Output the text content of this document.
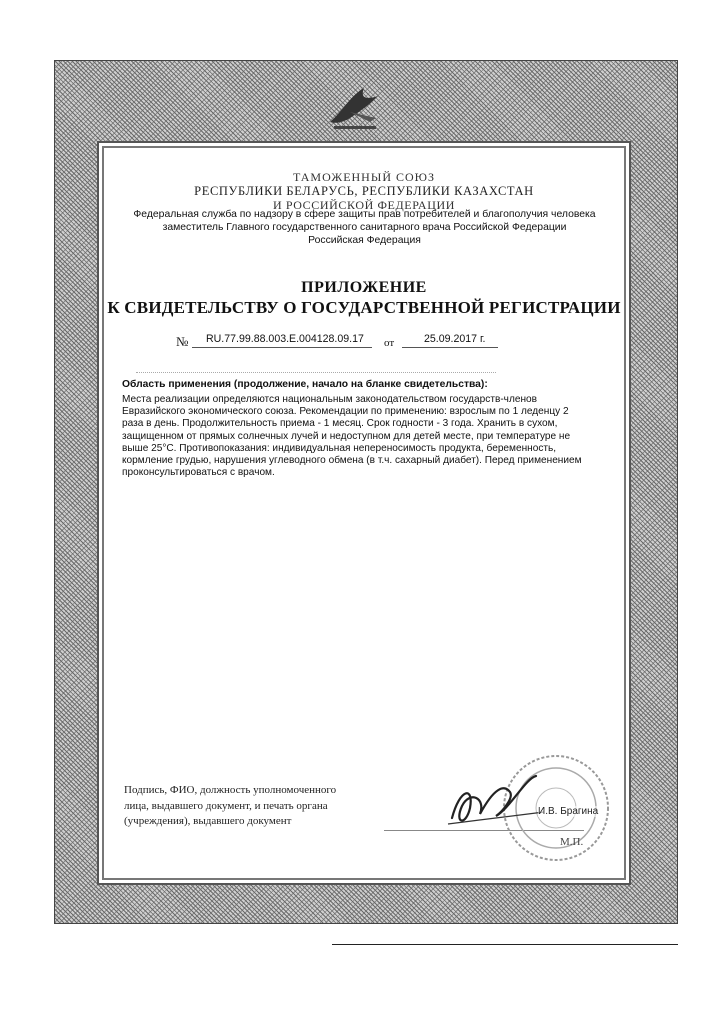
ТАМОЖЕННЫЙ СОЮЗ
РЕСПУБЛИКИ БЕЛАРУСЬ, РЕСПУБЛИКИ КАЗАХСТАН
И РОССИЙСКОЙ ФЕДЕРАЦИИ
Федеральная служба по надзору в сфере защиты прав потребителей и благополучия человека
заместитель Главного государственного санитарного врача Российской Федерации
Российская Федерация
ПРИЛОЖЕНИЕ
К СВИДЕТЕЛЬСТВУ О ГОСУДАРСТВЕННОЙ РЕГИСТРАЦИИ
№ RU.77.99.88.003.E.004128.09.17 от	25.09.2017 г.
Область применения (продолжение, начало на бланке свидетельства):
Места реализации определяются национальным законодательством государств-членов
Евразийского экономического союза. Рекомендации по применению: взрослым по 1 леденцу 2
раза в день. Продолжительность приема - 1 месяц. Срок годности - 3 года. Хранить в сухом,
защищенном от прямых солнечных лучей и недоступном для детей месте, при температуре не
выше 25°С. Противопоказания: индивидуальная непереносимость продукта, беременность,
кормление грудью, нарушения углеводного обмена (в т.ч. сахарный диабет). Перед применением
проконсультироваться с врачом.
Подпись, ФИО, должность уполномоченного
лица, выдавшего документ, и печать органа
(учреждения), выдавшего документ
И.В. Брагина
М.П.
